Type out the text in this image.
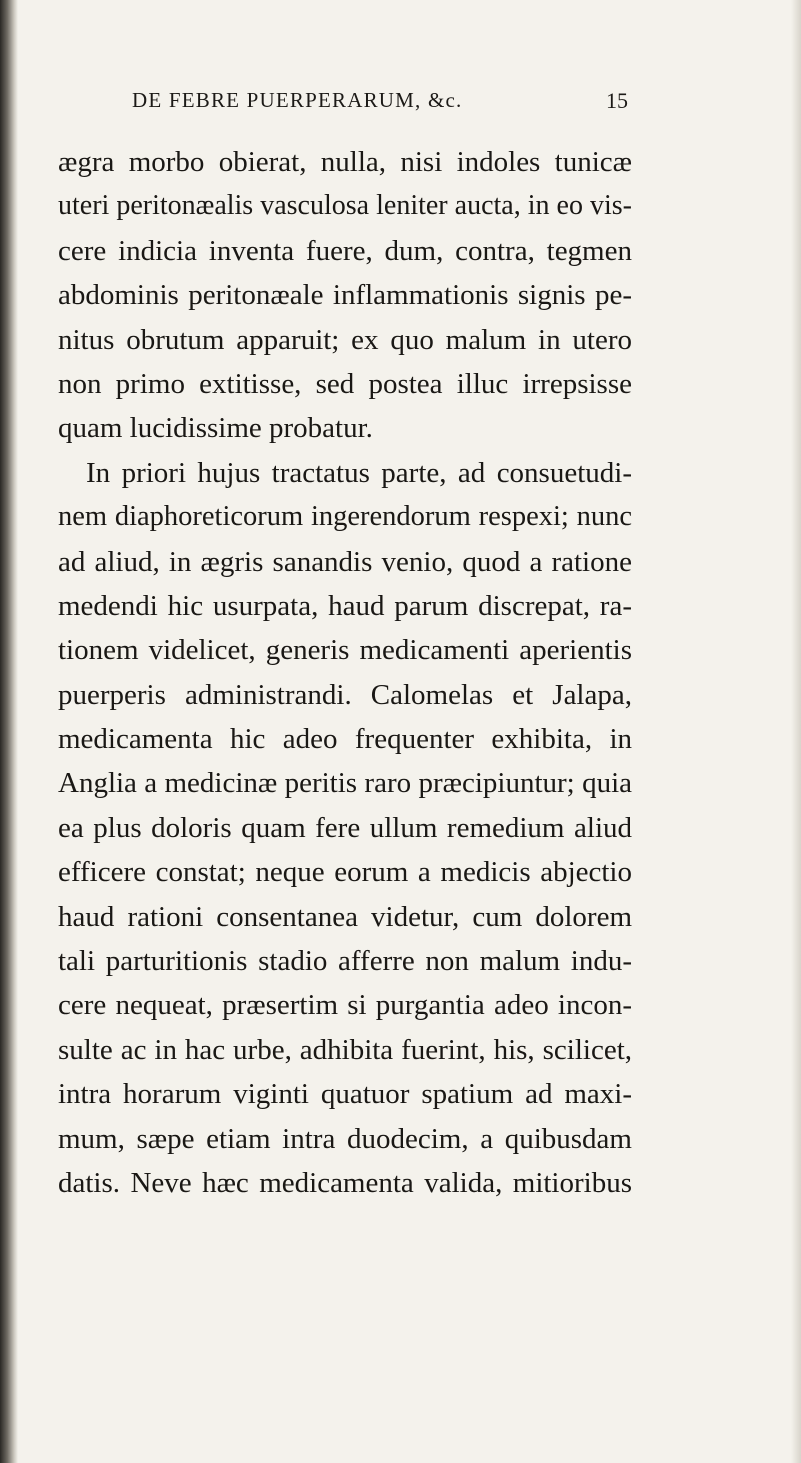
DE FEBRE PUERPERARUM, &c.	15
ægra morbo obierat, nulla, nisi indoles tunicæ
uteri peritonæalis vasculosa leniter aucta, in eo vis-
cere indicia inventa fuere, dum, contra, tegmen
abdominis peritonæale inflammationis signis pe-
nitus obrutum apparuit; ex quo malum in utero
non primo extitisse, sed postea illuc irrepsisse
quam lucidissime probatur.
In priori hujus tractatus parte, ad consuetudi-
nem diaphoreticorum ingerendorum respexi; nunc
ad aliud, in ægris sanandis venio, quod a ratione
medendi hic usurpata, haud parum discrepat, ra-
tionem videlicet, generis medicamenti aperientis
puerperis administrandi. Calomelas et Jalapa,
medicamenta hic adeo frequenter exhibita, in
Anglia a medicinæ peritis raro præcipiuntur; quia
ea plus doloris quam fere ullum remedium aliud
efficere constat; neque eorum a medicis abjectio
haud rationi consentanea videtur, cum dolorem
tali parturitionis stadio afferre non malum indu-
cere nequeat, præsertim si purgantia adeo incon-
sulte ac in hac urbe, adhibita fuerint, his, scilicet,
intra horarum viginti quatuor spatium ad maxi-
mum, sæpe etiam intra duodecim, a quibusdam
datis. Neve hæc medicamenta valida, mitioribus
